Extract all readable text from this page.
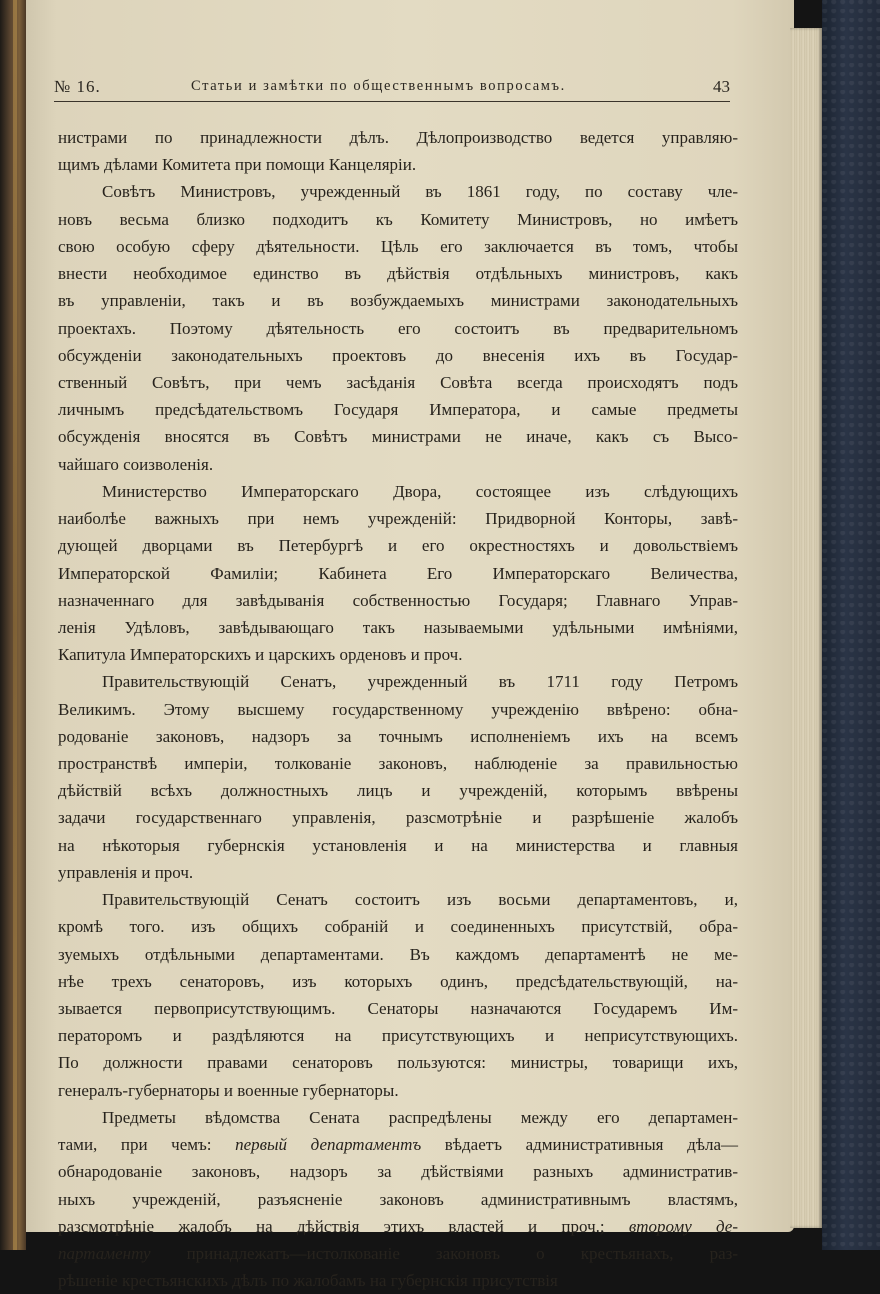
№ 16.	Статьи и замѣтки по общественнымъ вопросамъ.	43
нистрами по принадлежности дѣлъ. Дѣлопроизводство ведется управляю-
щимъ дѣлами Комитета при помощи Канцеляріи.
Совѣтъ Министровъ, учрежденный въ 1861 году, по составу чле-
новъ весьма близко подходитъ къ Комитету Министровъ, но имѣетъ
свою особую сферу дѣятельности. Цѣль его заключается въ томъ, чтобы
внести необходимое единство въ дѣйствія отдѣльныхъ министровъ, какъ
въ управленіи, такъ и въ возбуждаемыхъ министрами законодательныхъ
проектахъ. Поэтому дѣятельность его состоитъ въ предварительномъ
обсужденіи законодательныхъ проектовъ до внесенія ихъ въ Государ-
ственный Совѣтъ, при чемъ засѣданія Совѣта всегда происходятъ подъ
личнымъ предсѣдательствомъ Государя Императора, и самые предметы
обсужденія вносятся въ Совѣтъ министрами не иначе, какъ съ Высо-
чайшаго соизволенія.
Министерство Императорскаго Двора, состоящее изъ слѣдующихъ
наиболѣе важныхъ при немъ учрежденій: Придворной Конторы, завѣ-
дующей дворцами въ Петербургѣ и его окрестностяхъ и довольствіемъ
Императорской Фамиліи; Кабинета Его Императорскаго Величества,
назначеннаго для завѣдыванія собственностью Государя; Главнаго Управ-
ленія Удѣловъ, завѣдывающаго такъ называемыми удѣльными имѣніями,
Капитула Императорскихъ и царскихъ орденовъ и проч.
Правительствующій Сенатъ, учрежденный въ 1711 году Петромъ
Великимъ. Этому высшему государственному учрежденію ввѣрено: обна-
родованіе законовъ, надзоръ за точнымъ исполненіемъ ихъ на всемъ
пространствѣ имперіи, толкованіе законовъ, наблюденіе за правильностью
дѣйствій всѣхъ должностныхъ лицъ и учрежденій, которымъ ввѣрены
задачи государственнаго управленія, разсмотрѣніе и разрѣшеніе жалобъ
на нѣкоторыя губернскія установленія и на министерства и главныя
управленія и проч.
Правительствующій Сенатъ состоитъ изъ восьми департаментовъ, и,
кромѣ того. изъ общихъ собраній и соединенныхъ присутствій, обра-
зуемыхъ отдѣльными департаментами. Въ каждомъ департаментѣ не ме-
нѣе трехъ сенаторовъ, изъ которыхъ одинъ, предсѣдательствующій, на-
зывается первоприсутствующимъ. Сенаторы назначаются Государемъ Им-
ператоромъ и раздѣляются на присутствующихъ и неприсутствующихъ.
По должности правами сенаторовъ пользуются: министры, товарищи ихъ,
генералъ-губернаторы и военные губернаторы.
Предметы вѣдомства Сената распредѣлены между его департамен-
тами, при чемъ: первый департаментъ вѣдаетъ административныя дѣла—
обнародованіе законовъ, надзоръ за дѣйствіями разныхъ административ-
ныхъ учрежденій, разъясненіе законовъ административнымъ властямъ,
разсмотрѣніе жалобъ на дѣйствія этихъ властей и проч.; второму де-
партаменту принадлежатъ—истолкованіе законовъ о крестьянахъ, раз-
рѣшеніе крестьянскихъ дѣлъ по жалобамъ на губернскія присутствія
